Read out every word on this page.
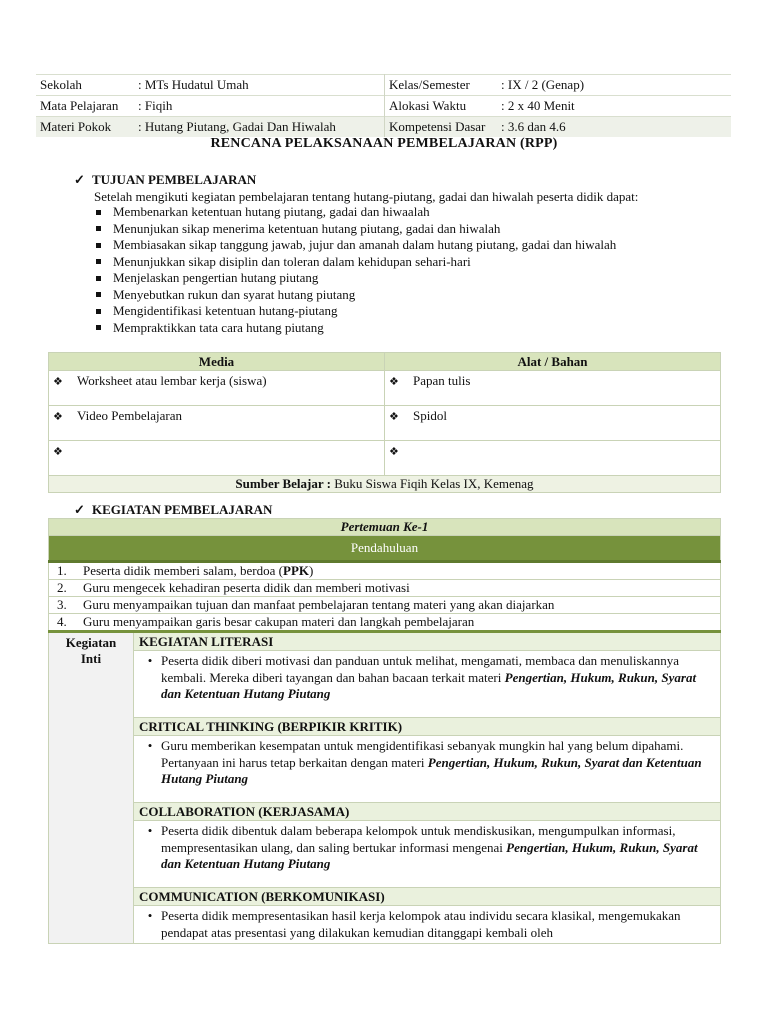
Sekolah	: MTs Hudatul Umah	Kelas/Semester	: IX / 2 (Genap)
Mata Pelajaran	: Fiqih	Alokasi Waktu	: 2 x 40 Menit
Materi Pokok	: Hutang Piutang, Gadai Dan Hiwalah	Kompetensi Dasar	: 3.6 dan 4.6
RENCANA PELAKSANAAN PEMBELAJARAN (RPP)
✓ TUJUAN PEMBELAJARAN
Setelah mengikuti kegiatan pembelajaran tentang hutang-piutang, gadai dan hiwalah peserta didik dapat:
Membenarkan ketentuan hutang piutang, gadai dan hiwaalah
Menunjukan sikap menerima ketentuan hutang piutang, gadai dan hiwalah
Membiasakan sikap tanggung jawab, jujur dan amanah dalam hutang piutang, gadai dan hiwalah
Menunjukkan sikap disiplin dan toleran dalam kehidupan sehari-hari
Menjelaskan pengertian hutang piutang
Menyebutkan rukun dan syarat hutang piutang
Mengidentifikasi ketentuan hutang-piutang
Mempraktikkan tata cara hutang piutang
Media	Alat / Bahan
❖ Worksheet atau lembar kerja (siswa)	❖ Papan tulis
❖ Video Pembelajaran	❖ Spidol
❖	❖
Sumber Belajar : Buku Siswa Fiqih Kelas IX, Kemenag	
✓ KEGIATAN PEMBELAJARAN
Pertemuan Ke-1
Pendahuluan
1. Peserta didik memberi salam, berdoa (PPK)
2. Guru mengecek kehadiran peserta didik dan memberi motivasi
3. Guru menyampaikan tujuan dan manfaat pembelajaran tentang materi yang akan diajarkan
4. Guru menyampaikan garis besar cakupan materi dan langkah pembelajaran
Kegiatan
Inti	KEGIATAN LITERASI

• Peserta didik diberi motivasi dan panduan untuk melihat, mengamati, membaca dan menuliskannya kembali. Mereka diberi tayangan dan bahan bacaan terkait materi Pengertian, Hukum, Rukun, Syarat dan Ketentuan Hutang Piutang

CRITICAL THINKING (BERPIKIR KRITIK)

• Guru memberikan kesempatan untuk mengidentifikasi sebanyak mungkin hal yang belum dipahami. Pertanyaan ini harus tetap berkaitan dengan materi Pengertian, Hukum, Rukun, Syarat dan Ketentuan Hutang Piutang

COLLABORATION (KERJASAMA)

• Peserta didik dibentuk dalam beberapa kelompok untuk mendiskusikan, mengumpulkan informasi, mempresentasikan ulang, dan saling bertukar informasi mengenai Pengertian, Hukum, Rukun, Syarat dan Ketentuan Hutang Piutang

COMMUNICATION (BERKOMUNIKASI)

• Peserta didik mempresentasikan hasil kerja kelompok atau individu secara klasikal, mengemukakan pendapat atas presentasi yang dilakukan kemudian ditanggapi kembali oleh
